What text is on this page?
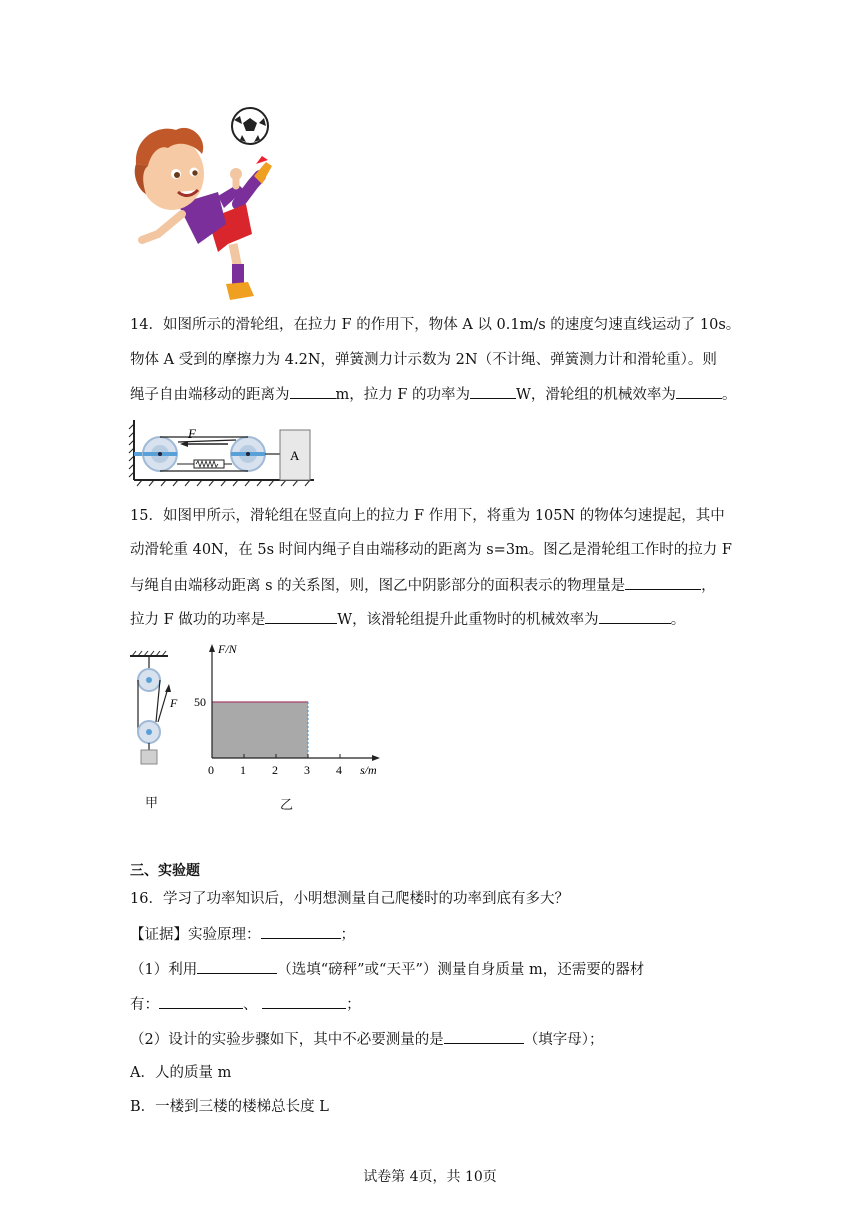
14．如图所示的滑轮组，在拉力 F 的作用下，物体 A 以 0.1m/s 的速度匀速直线运动了 10s。
物体 A 受到的摩擦力为 4.2N，弹簧测力计示数为 2N（不计绳、弹簧测力计和滑轮重）。则
绳子自由端移动的距离为	m，拉力 F 的功率为	W，滑轮组的机械效率为	。
F
A
15．如图甲所示，滑轮组在竖直向上的拉力 F 作用下，将重为 105N 的物体匀速提起，其中
动滑轮重 40N，在 5s 时间内绳子自由端移动的距离为 s=3m。图乙是滑轮组工作时的拉力 F
与绳自由端移动距离 s 的关系图，则，图乙中阴影部分的面积表示的物理量是	，
拉力 F 做功的功率是	W，该滑轮组提升此重物时的机械效率为	。
F
甲
0 1 2 3 4
50
F/N
s/m
乙
三、实验题
16．学习了功率知识后，小明想测量自己爬楼时的功率到底有多大？
【证据】实验原理：	；
（1）利用	（选填“磅秤”或“天平”）测量自身质量 m，还需要的器材
有：	、	；
（2）设计的实验步骤如下，其中不必要测量的是	（填字母）；
A．人的质量 m
B．一楼到三楼的楼梯总长度 L
试卷第 4页，共 10页
